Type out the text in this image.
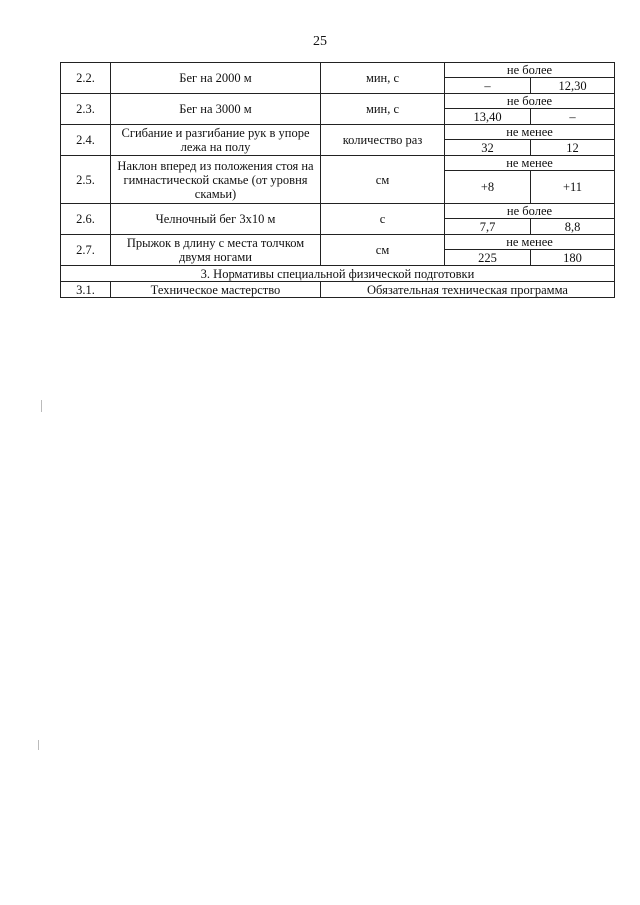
25
2.2.	Бег на 2000 м	мин, с	не более	
			–	12,30
2.3.	Бег на 3000 м	мин, с	не более	
			13,40	–
2.4.	Сгибание и разгибание рук в упоре лежа на полу	количество раз	не менее	
			32	12
2.5.	Наклон вперед из положения стоя на гимнастической скамье (от уровня скамьи)	см	не менее	
			+8	+11
2.6.	Челночный бег 3х10 м	с	не более	
			7,7	8,8
2.7.	Прыжок в длину с места толчком двумя ногами	см	не менее	
			225	180
3. Нормативы специальной физической подготовки				
3.1.	Техническое мастерство	Обязательная техническая программа		
